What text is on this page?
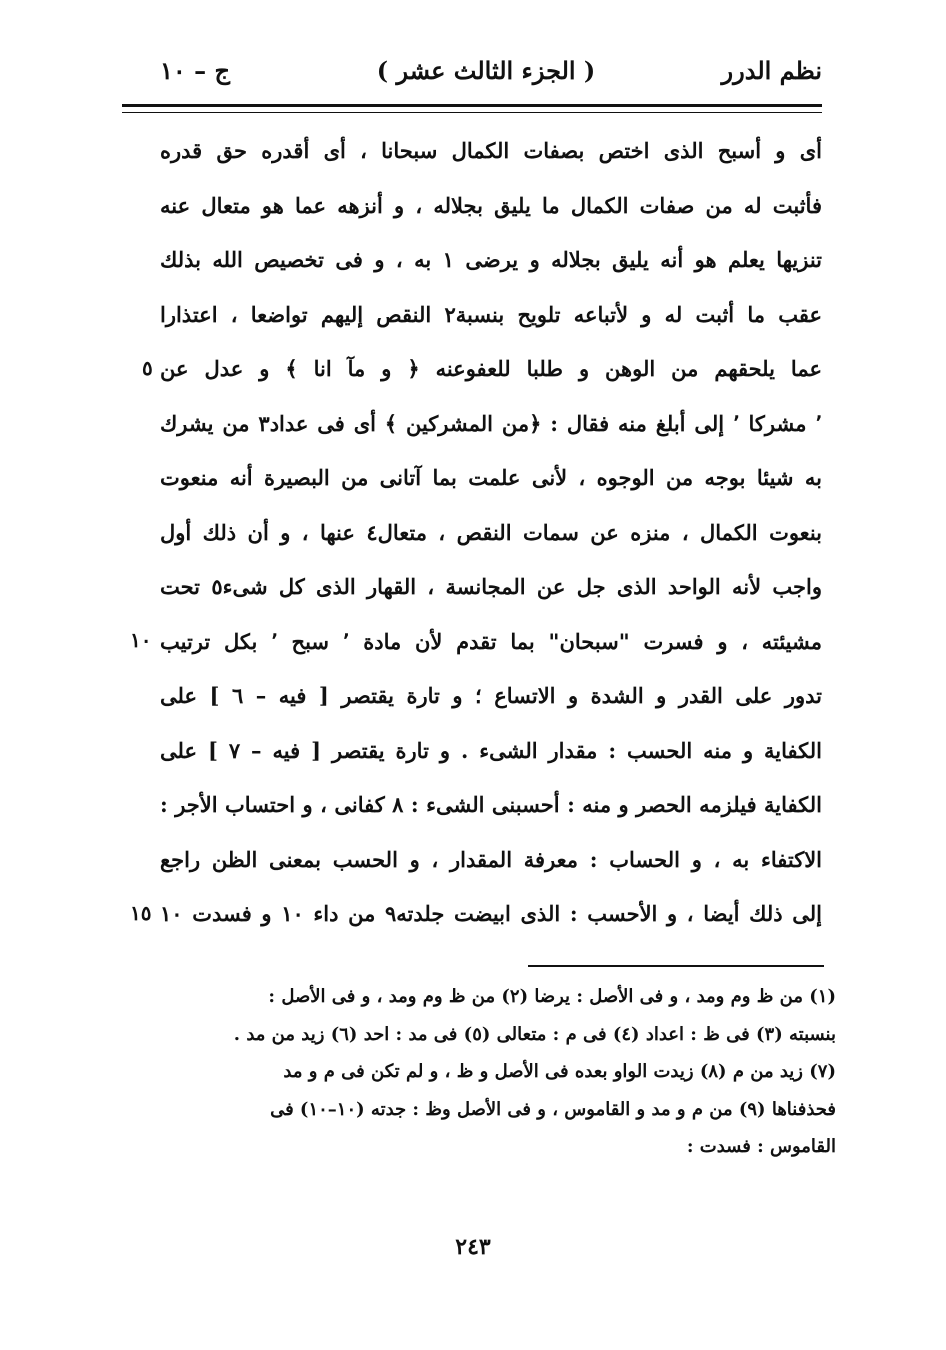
نظم الدرر
( الجزء الثالث عشر )
ج – ١٠
أى و أسبح الذى اختص بصفات الكمال سبحانا ، أى أقدره حق قدره
فأثبت له من صفات الكمال ما يليق بجلاله ، و أنزهه عما هو متعال عنه
تنزيها يعلم هو أنه يليق بجلاله و يرضى ١ به ، و فى تخصيص الله بذلك
عقب ما أثبت له و لأتباعه تلويح بنسبة٢ النقص إليهم تواضعا ، اعتذارا
عما يلحقهم من الوهن و طلبا للعفوعنه ﴿ و مآ انا ﴾ و عدل عن
٬ مشركا ٬ إلى أبلغ منه فقال : ﴿من المشركين ﴾ أى فى عداد٣ من يشرك
به شيئا بوجه من الوجوه ، لأنى علمت بما آتانى من البصيرة أنه منعوت
بنعوت الكمال ، منزه عن سمات النقص ، متعال٤ عنها ، و أن ذلك أول
واجب لأنه الواحد الذى جل عن المجانسة ، القهار الذى كل شىء٥ تحت
مشيئته ، و فسرت "سبحان" بما تقدم لأن مادة ٬ سبح ٬ بكل ترتيب
تدور على القدر و الشدة و الاتساع ؛ و تارة يقتصر [ فيه – ٦ ] على
الكفاية و منه الحسب : مقدار الشىء . و تارة يقتصر [ فيه – ٧ ] على
الكفاية فيلزمه الحصر و منه : أحسبنى الشىء : ٨ كفانى ، و احتساب الأجر :
الاكتفاء به ، و الحساب : معرفة المقدار ، و الحسب بمعنى الظن راجع
إلى ذلك أيضا ، و الأحسب : الذى ابيضت جلدته٩ من داء ١٠ و فسدت ١٠
٥
١٠
١٥
(١) من ظ وم ومد ، و فى الأصل : يرضا (٢) من ظ وم ومد ، و فى الأصل :
بنسبته (٣) فى ظ : اعداد (٤) فى م : متعالى (٥) فى مد : احد (٦) زيد من مد .
(٧) زيد من م (٨) زيدت الواو بعده فى الأصل و ظ ، و لم تكن فى م و مد
فحذفناها (٩) من م و مد و القاموس ، و فى الأصل وظ : جدته (١٠–١٠) فى
القاموس : فسدت :
٢٤٣
